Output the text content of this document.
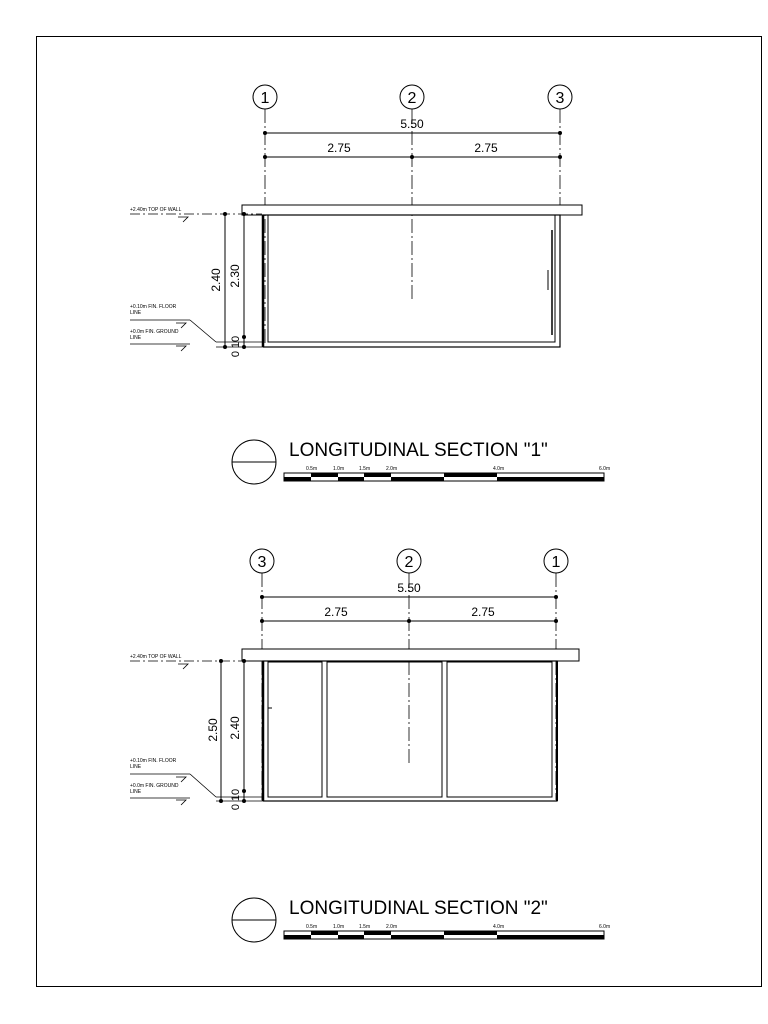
1	2	3
5.50
2.75	2.75
+2.40m TOP OF WALL
+0.10m FIN. FLOOR
LINE
+0.0m FIN. GROUND
LINE
2.40 2.30
10
0
LONGITUDINAL SECTION "1"
0.5m	1.0m	1.5m	2.0m	4.0m	6.0m
3	2	1
5.50
2.75	2.75
+2.40m TOP OF WALL
+0.10m FIN. FLOOR
LINE
+0.0m FIN. GROUND
LINE
2.50 2.40
10
0
LONGITUDINAL SECTION "2"
0.5m	1.0m	1.5m	2.0m	4.0m	6.0m
